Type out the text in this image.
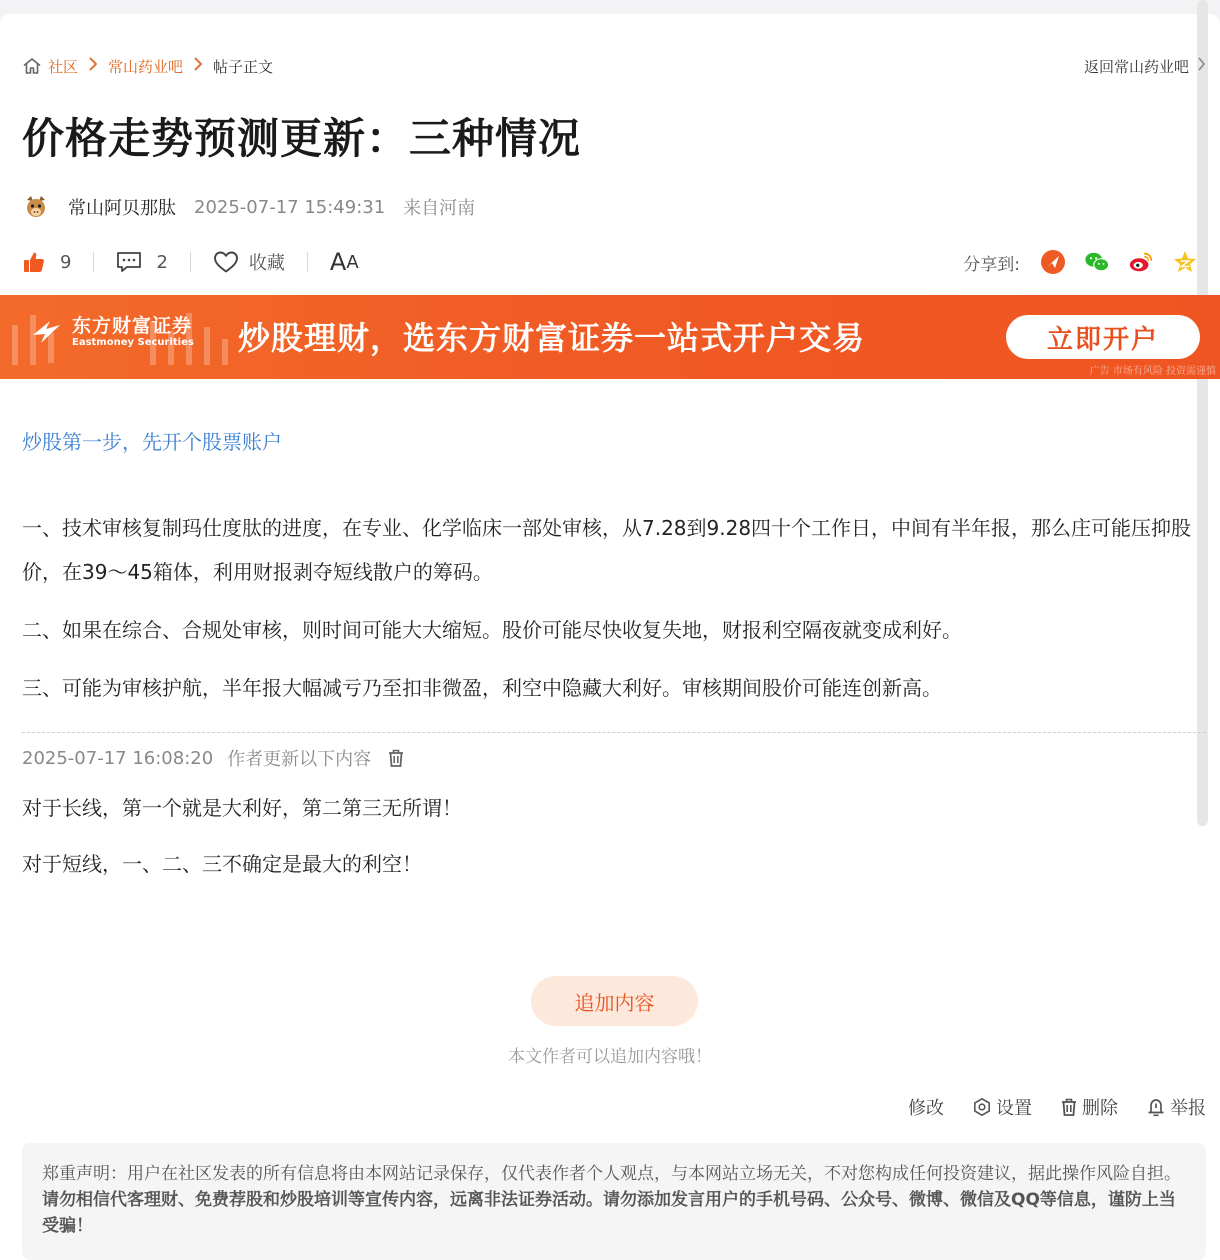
社区 常山药业吧 帖子正文	返回常山药业吧
价格走势预测更新：三种情况
常山阿贝那肽 2025-07-17 15:49:31 来自河南
9	2	收藏 A A	分享到:
东方财富证券
Eastmoney Securities 炒股理财，选东方财富证券一站式开户交易	立即开户
广告 市场有风险 投资需谨慎
炒股第一步，先开个股票账户

一、技术审核复制玛仕度肽的进度，在专业、化学临床一部处审核，从7.28到9.28四十个工作日，中间有半年报，那么庄可能压抑股价，在39～45箱体，利用财报剥夺短线散户的筹码。

二、如果在综合、合规处审核，则时间可能大大缩短。股价可能尽快收复失地，财报利空隔夜就变成利好。

三、可能为审核护航，半年报大幅减亏乃至扣非微盈，利空中隐藏大利好。审核期间股价可能连创新高。

2025-07-17 16:08:20 作者更新以下内容

对于长线，第一个就是大利好，第二第三无所谓！

对于短线，一、二、三不确定是最大的利空！

追加内容
本文作者可以追加内容哦！
修改	设置	删除	举报
郑重声明：用户在社区发表的所有信息将由本网站记录保存，仅代表作者个人观点，与本网站立场无关，不对您构成任何投资建议，据此操作风险自担。请勿相信代客理财、免费荐股和炒股培训等宣传内容，远离非法证券活动。请勿添加发言用户的手机号码、公众号、微博、微信及QQ等信息，谨防上当受骗！
